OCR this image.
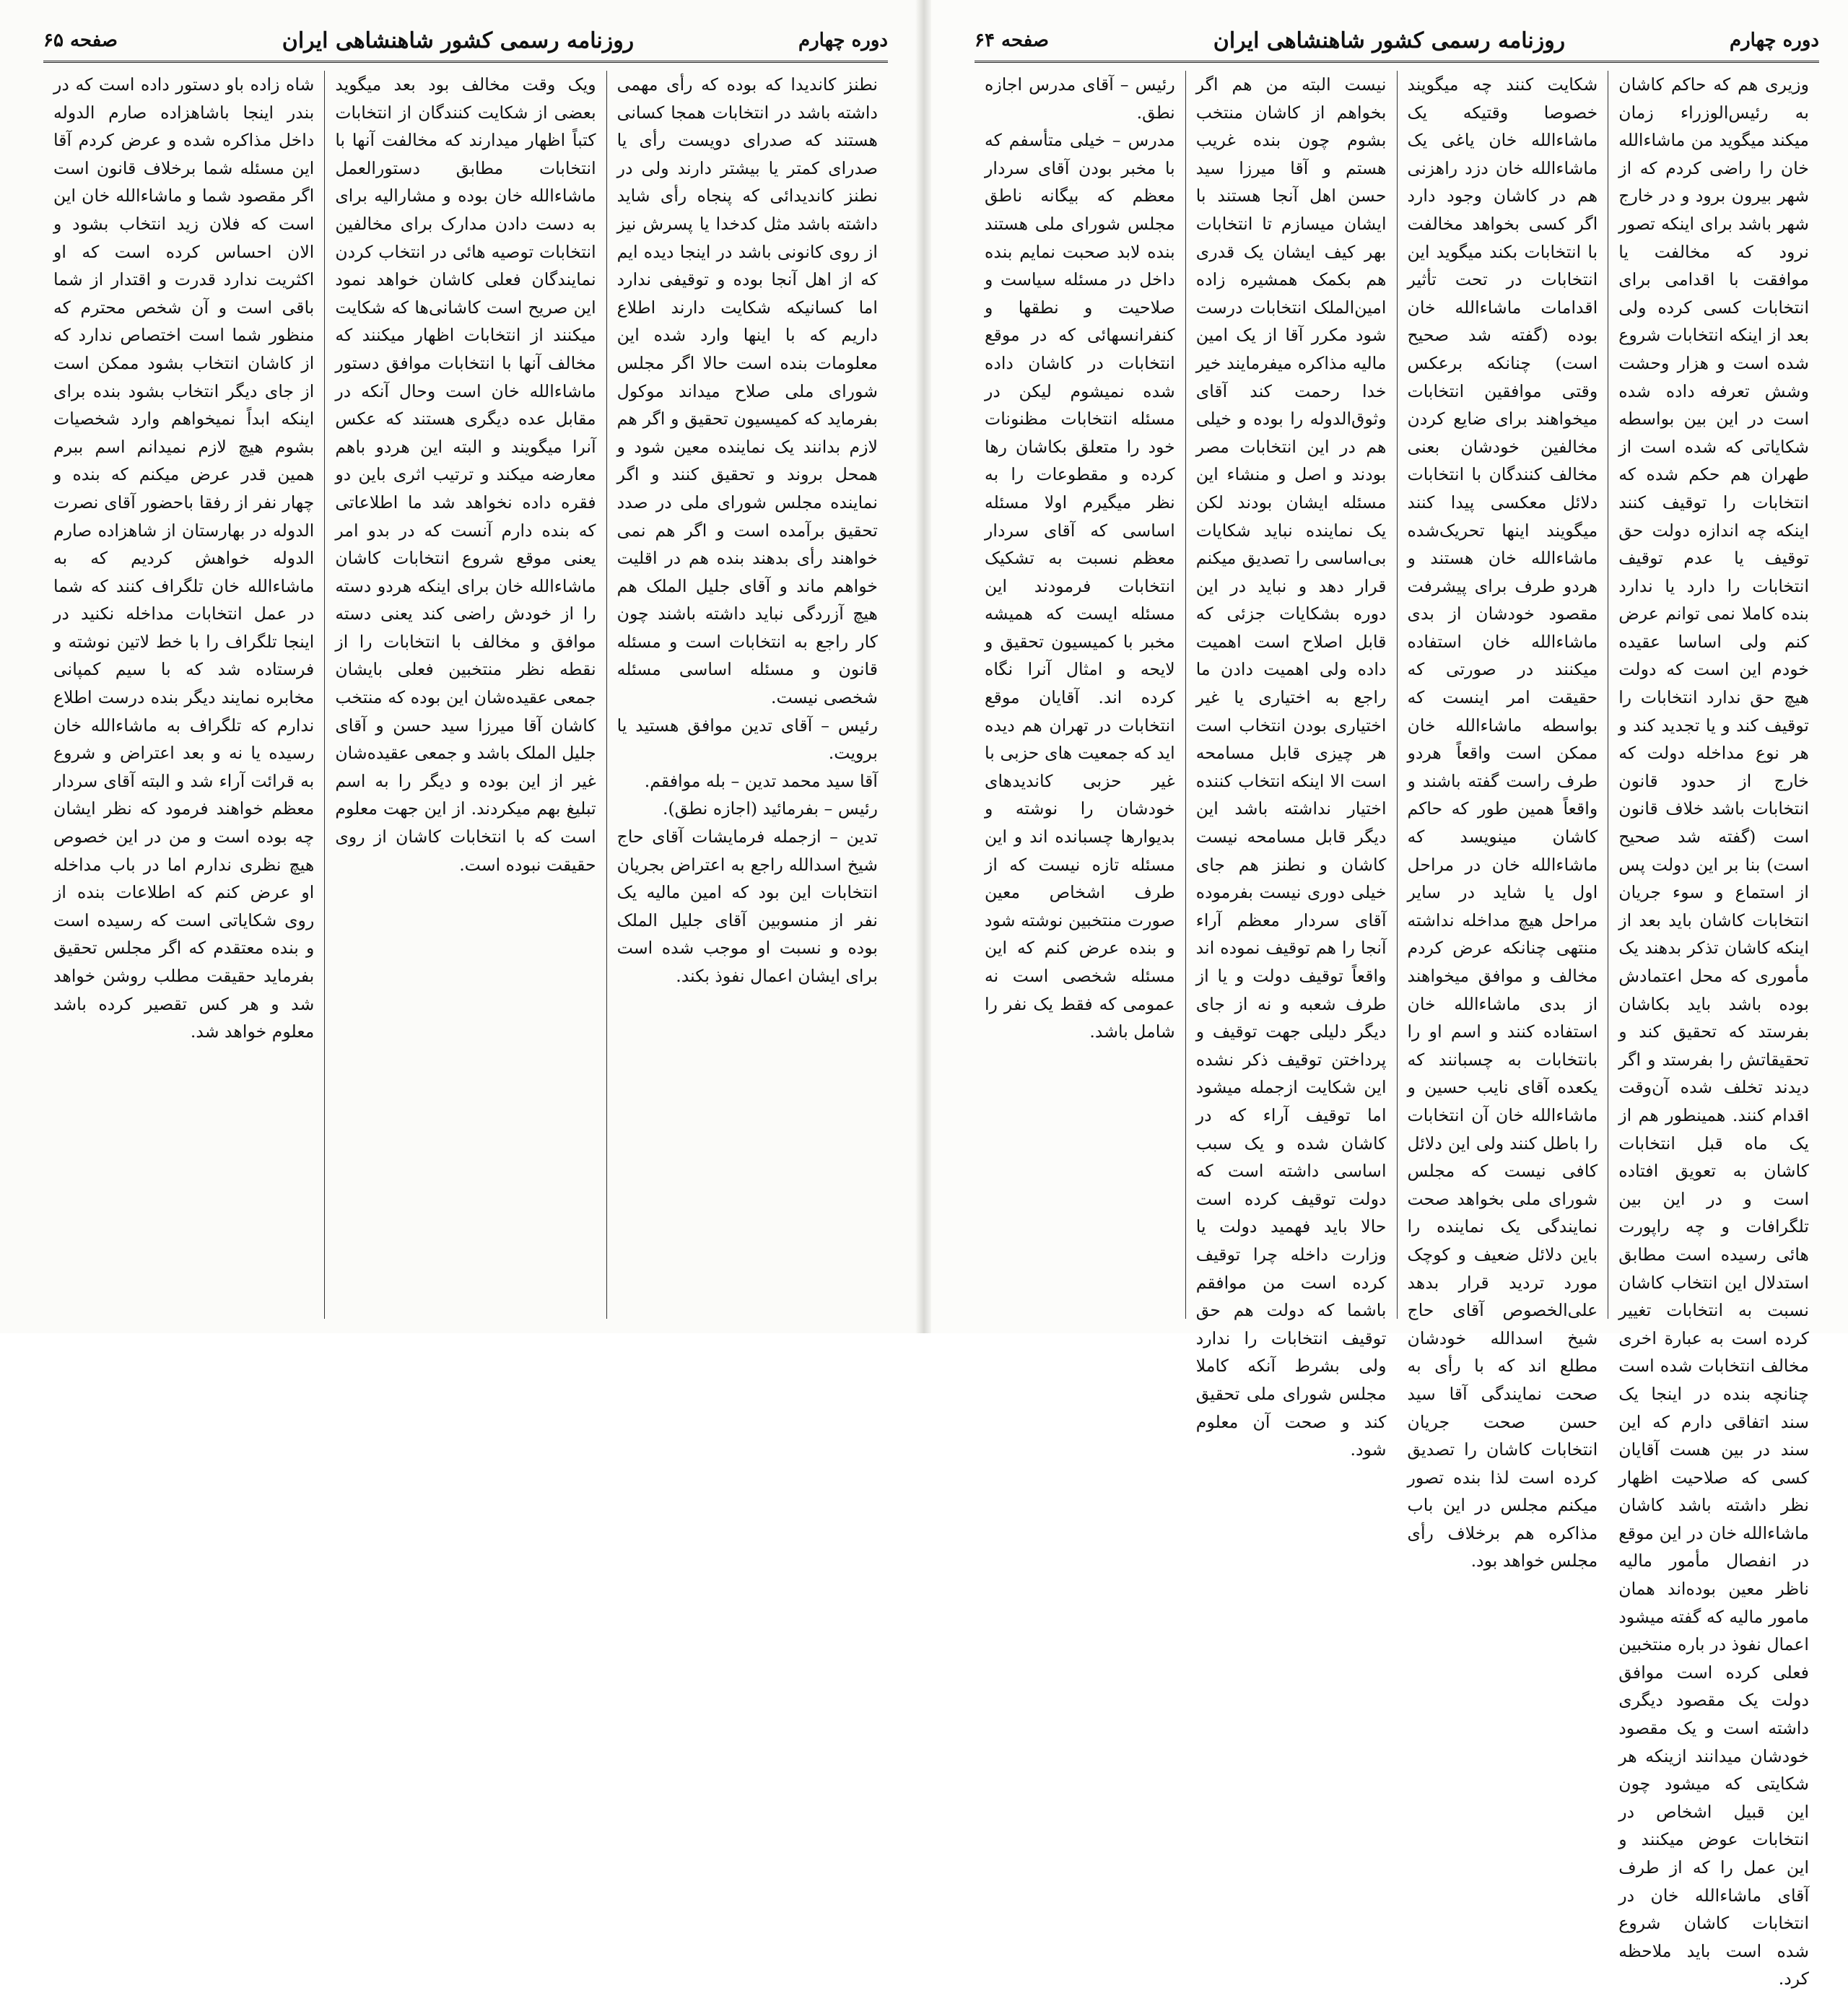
دوره چهارم
روزنامه رسمی کشور شاهنشاهی ایران
صفحه ۶۵

نطنز کاندیدا که بوده که رأی مهمی داشته باشد در انتخابات همجا کسانی هستند که صدرای دویست رأی یا صدرای کمتر یا بیشتر دارند ولی در نطنز کاندیدائی که پنجاه رأی شاید داشته باشد مثل کدخدا یا پسرش نیز از روی کانونی باشد در اینجا دیده ایم که از اهل آنجا بوده و توقیفی ندارد اما کسانیکه شکایت دارند اطلاع داریم که با اینها وارد شده این معلومات بنده است حالا اگر مجلس شورای ملی صلاح میداند موکول بفرماید که کمیسیون تحقیق و اگر هم لازم بدانند یک نماینده معین شود و همحل بروند و تحقیق کنند و اگر نماینده مجلس شورای ملی در صدد تحقیق برآمده است و اگر هم نمی خواهند رأی بدهند بنده هم در اقلیت خواهم ماند و آقای جلیل الملک هم هیچ آزردگی نباید داشته باشند چون کار راجع به انتخابات است و مسئله قانون و مسئله اساسی مسئله شخصی نیست.
رئیس – آقای تدین موافق هستید یا برویت.
آقا سید محمد تدین – بله موافقم.
رئیس – بفرمائید (اجازه نطق).
تدین – ازجمله فرمایشات آقای حاج شیخ اسدالله راجع به اعتراض بجریان انتخابات این بود که امین مالیه یک نفر از منسوبین آقای جلیل الملک بوده و نسبت او موجب شده است برای ایشان اعمال نفوذ بکند.

ویک وقت مخالف بود بعد میگوید بعضی از شکایت کنندگان از انتخابات کتباً اظهار میدارند که مخالفت آنها با انتخابات مطابق دستورالعمل ماشاءالله خان بوده و مشارالیه برای به دست دادن مدارک برای مخالفین انتخابات توصیه هائی در انتخاب کردن نمایندگان فعلی کاشان خواهد نمود این صریح است کاشانی‌ها که شکایت میکنند از انتخابات اظهار میکنند که مخالف آنها با انتخابات موافق دستور ماشاءالله خان است وحال آنکه در مقابل عده دیگری هستند که عکس آنرا میگویند و البته این هردو باهم معارضه میکند و ترتیب اثری باین دو فقره داده نخواهد شد ما اطلاعاتی که بنده دارم آنست که در بدو امر یعنی موقع شروع انتخابات کاشان ماشاءالله خان برای اینکه هردو دسته را از خودش راضی کند یعنی دسته موافق و مخالف با انتخابات را از نقطه نظر منتخبین فعلی بایشان جمعی عقیده‌شان این بوده که منتخب کاشان آقا میرزا سید حسن و آقای جلیل الملک باشد و جمعی عقیده‌شان غیر از این بوده و دیگر را به اسم تبلیغ بهم میکردند. از این جهت معلوم است که با انتخابات کاشان از روی حقیقت نبوده است.

شاه زاده باو دستور داده است که در بندر اینجا باشاهزاده صارم الدوله داخل مذاکره شده و عرض کردم آقا این مسئله شما برخلاف قانون است اگر مقصود شما و ماشاءالله خان این است که فلان زید انتخاب بشود و الان احساس کرده است که او اکثریت ندارد قدرت و اقتدار از شما باقی است و آن شخص محترم که منظور شما است اختصاص ندارد که از کاشان انتخاب بشود ممکن است از جای دیگر انتخاب بشود بنده برای اینکه ابداً نمیخواهم وارد شخصیات بشوم هیچ لازم نمیدانم اسم ببرم همین قدر عرض میکنم که بنده و چهار نفر از رفقا باحضور آقای نصرت الدوله در بهارستان از شاهزاده صارم الدوله خواهش کردیم که به ماشاءالله خان تلگراف کنند که شما در عمل انتخابات مداخله نکنید در اینجا تلگراف را با خط لاتین نوشته و فرستاده شد که با سیم کمپانی مخابره نمایند دیگر بنده درست اطلاع ندارم که تلگراف به ماشاءالله خان رسیده یا نه و بعد اعتراض و شروع به قرائت آراء شد و البته آقای سردار معظم خواهند فرمود که نظر ایشان چه بوده است و من در این خصوص هیچ نظری ندارم اما در باب مداخله او عرض کنم که اطلاعات بنده از روی شکایاتی است که رسیده است و بنده معتقدم که اگر مجلس تحقیق بفرماید حقیقت مطلب روشن خواهد شد و هر کس تقصیر کرده باشد معلوم خواهد شد.

دوره چهارم
روزنامه رسمی کشور شاهنشاهی ایران
صفحه ۶۴

وزیری هم که حاکم کاشان به رئیس‌الوزراء زمان میکند میگوید من ماشاءالله خان را راضی کردم که از شهر بیرون برود و در خارج شهر باشد برای اینکه تصور نرود که مخالفت یا موافقت با اقدامی برای انتخابات کسی کرده ولی بعد از اینکه انتخابات شروع شده است و هزار وحشت وشش تعرفه داده شده است در این بین بواسطه شکایاتی که شده است از طهران هم حکم شده که انتخابات را توقیف کنند اینکه چه اندازه دولت حق توقیف یا عدم توقیف انتخابات را دارد یا ندارد بنده کاملا نمی توانم عرض کنم ولی اساسا عقیده خودم این است که دولت هیچ حق ندارد انتخابات را توقیف کند و یا تجدید کند و هر نوع مداخله دولت که خارج از حدود قانون انتخابات باشد خلاف قانون است (گفته شد صحیح است) بنا بر این دولت پس از استماع و سوء جریان انتخابات کاشان باید بعد از اینکه کاشان تذکر بدهند یک مأموری که محل اعتمادش بوده باشد باید بکاشان بفرستد که تحقیق کند و تحقیقاتش را بفرستد و اگر دیدند تخلف شده آن‌وقت اقدام کنند. همینطور هم از یک ماه قبل انتخابات کاشان به تعویق افتاده است و در این بین تلگرافات و چه راپورت هائی رسیده است مطابق استدلال این انتخاب کاشان نسبت به انتخابات تغییر کرده است به عبارة اخری مخالف انتخابات شده است چنانچه بنده در اینجا یک سند اتفاقی دارم که این سند در بین هست آقایان کسی که صلاحیت اظهار نظر داشته باشد کاشان ماشاءالله خان در این موقع در انفصال مأمور ماليه ناظر معین بوده‌اند همان مامور مالیه که گفته میشود اعمال نفوذ در باره منتخبین فعلی کرده است موافق دولت یک مقصود دیگری داشته است و یک مقصود خودشان میدانند ازینکه هر شکایتی که میشود چون این قبیل اشخاص در انتخابات عوض میکنند و این عمل را که از طرف آقای ماشاءالله خان در انتخابات کاشان شروع شده است باید ملاحظه کرد.

شکایت کنند چه میگویند خصوصا وقتیکه یک ماشاءالله خان یاغی یک ماشاءالله خان دزد راهزنی هم در کاشان وجود دارد اگر کسی بخواهد مخالفت با انتخابات بکند میگوید این انتخابات در تحت تأثیر اقدامات ماشاءالله خان بوده (گفته شد صحیح است) چنانکه برعکس وقتی موافقین انتخابات میخواهند برای ضایع کردن مخالفین خودشان بعنی مخالف کنندگان با انتخابات دلائل معکسی پیدا کنند میگویند اینها تحریک‌شده ماشاءالله خان هستند و هردو طرف برای پیشرفت مقصود خودشان از بدی ماشاءالله خان استفاده میکنند در صورتی که حقیقت امر اینست که بواسطه ماشاءالله خان ممکن است واقعاً هردو طرف راست گفته باشند و واقعاً همین طور که حاکم کاشان مینویسد که ماشاءالله خان در مراحل اول یا شاید در سایر مراحل هیچ مداخله نداشته منتهی چنانکه عرض کردم مخالف و موافق میخواهند از بدی ماشاءالله خان استفاده کنند و اسم او را بانتخابات به چسبانند که یکعده آقای نایب حسین و ماشاءالله خان آن انتخابات را باطل کنند ولی این دلائل کافی نیست که مجلس شورای ملی بخواهد صحت نمایندگی یک نماینده را باین دلائل ضعیف و کوچک مورد تردید قرار بدهد علی‌الخصوص آقای حاج شیخ اسدالله خودشان مطلع اند که با رأی به صحت نمایندگی آقا سید حسن صحت جریان انتخابات کاشان را تصدیق کرده است لذا بنده تصور میکنم مجلس در این باب مذاکره هم برخلاف رأی مجلس خواهد بود.

نیست البته من هم اگر بخواهم از کاشان منتخب بشوم چون بنده غریب هستم و آقا میرزا سید حسن اهل آنجا هستند با ایشان میسازم تا انتخابات بهر کیف ایشان یک قدری هم بکمک همشیره زاده امین‌الملک انتخابات درست شود مکرر آقا از یک امین مالیه مذاکره میفرمایند خیر خدا رحمت کند آقای وثوق‌الدوله را بوده و خیلی هم در این انتخابات مصر بودند و اصل و منشاء این مسئله ایشان بودند لکن یک نماینده نباید شکایات بی‌اساسی را تصدیق میکنم قرار دهد و نباید در این دوره بشکایات جزئی که قابل اصلاح است اهمیت داده ولی اهمیت دادن ما راجع به اختیاری یا غیر اختیاری بودن انتخاب است هر چیزی قابل مسامحه است الا اینکه انتخاب کننده اختیار نداشته باشد این دیگر قابل مسامحه نیست کاشان و نطنز هم جای خیلی دوری نیست بفرموده آقای سردار معظم آراء آنجا را هم توقیف نموده اند واقعاً توقیف دولت و یا از طرف شعبه و نه از جای دیگر دلیلی جهت توقیف و پرداختن توقیف ذکر نشده این شکایت ازجمله میشود اما توقیف آراء که در کاشان شده و یک سبب اساسی داشته است که دولت توقیف کرده است حالا باید فهمید دولت یا وزارت داخله چرا توقیف کرده است من موافقم باشما که دولت هم حق توقیف انتخابات را ندارد ولی بشرط آنکه کاملا مجلس شورای ملی تحقیق کند و صحت آن معلوم شود.

رئیس – آقای مدرس اجازه نطق.
مدرس – خیلی متأسفم که با مخبر بودن آقای سردار معظم که بیگانه ناطق مجلس شورای ملی هستند بنده لابد صحبت نمایم بنده داخل در مسئله سیاست و صلاحیت و نطقها و کنفرانسهائی که در موقع انتخابات در کاشان داده شده نمیشوم لیکن در مسئله انتخابات مظنونات خود را متعلق بکاشان رها کرده و مقطوعات را به نظر میگیرم اولا مسئله اساسی که آقای سردار معظم نسبت به تشکیک انتخابات فرمودند این مسئله ایست که همیشه مخبر با کمیسیون تحقیق و لایحه و امثال آنرا نگاه کرده اند. آقایان موقع انتخابات در تهران هم دیده اید که جمعیت های حزبی با غیر حزبی کاندیدهای خودشان را نوشته و بدیوارها چسبانده اند و این مسئله تازه نیست که از طرف اشخاص معین صورت منتخبین نوشته شود و بنده عرض کنم که این مسئله شخصی است نه عمومی که فقط یک نفر را شامل باشد.
